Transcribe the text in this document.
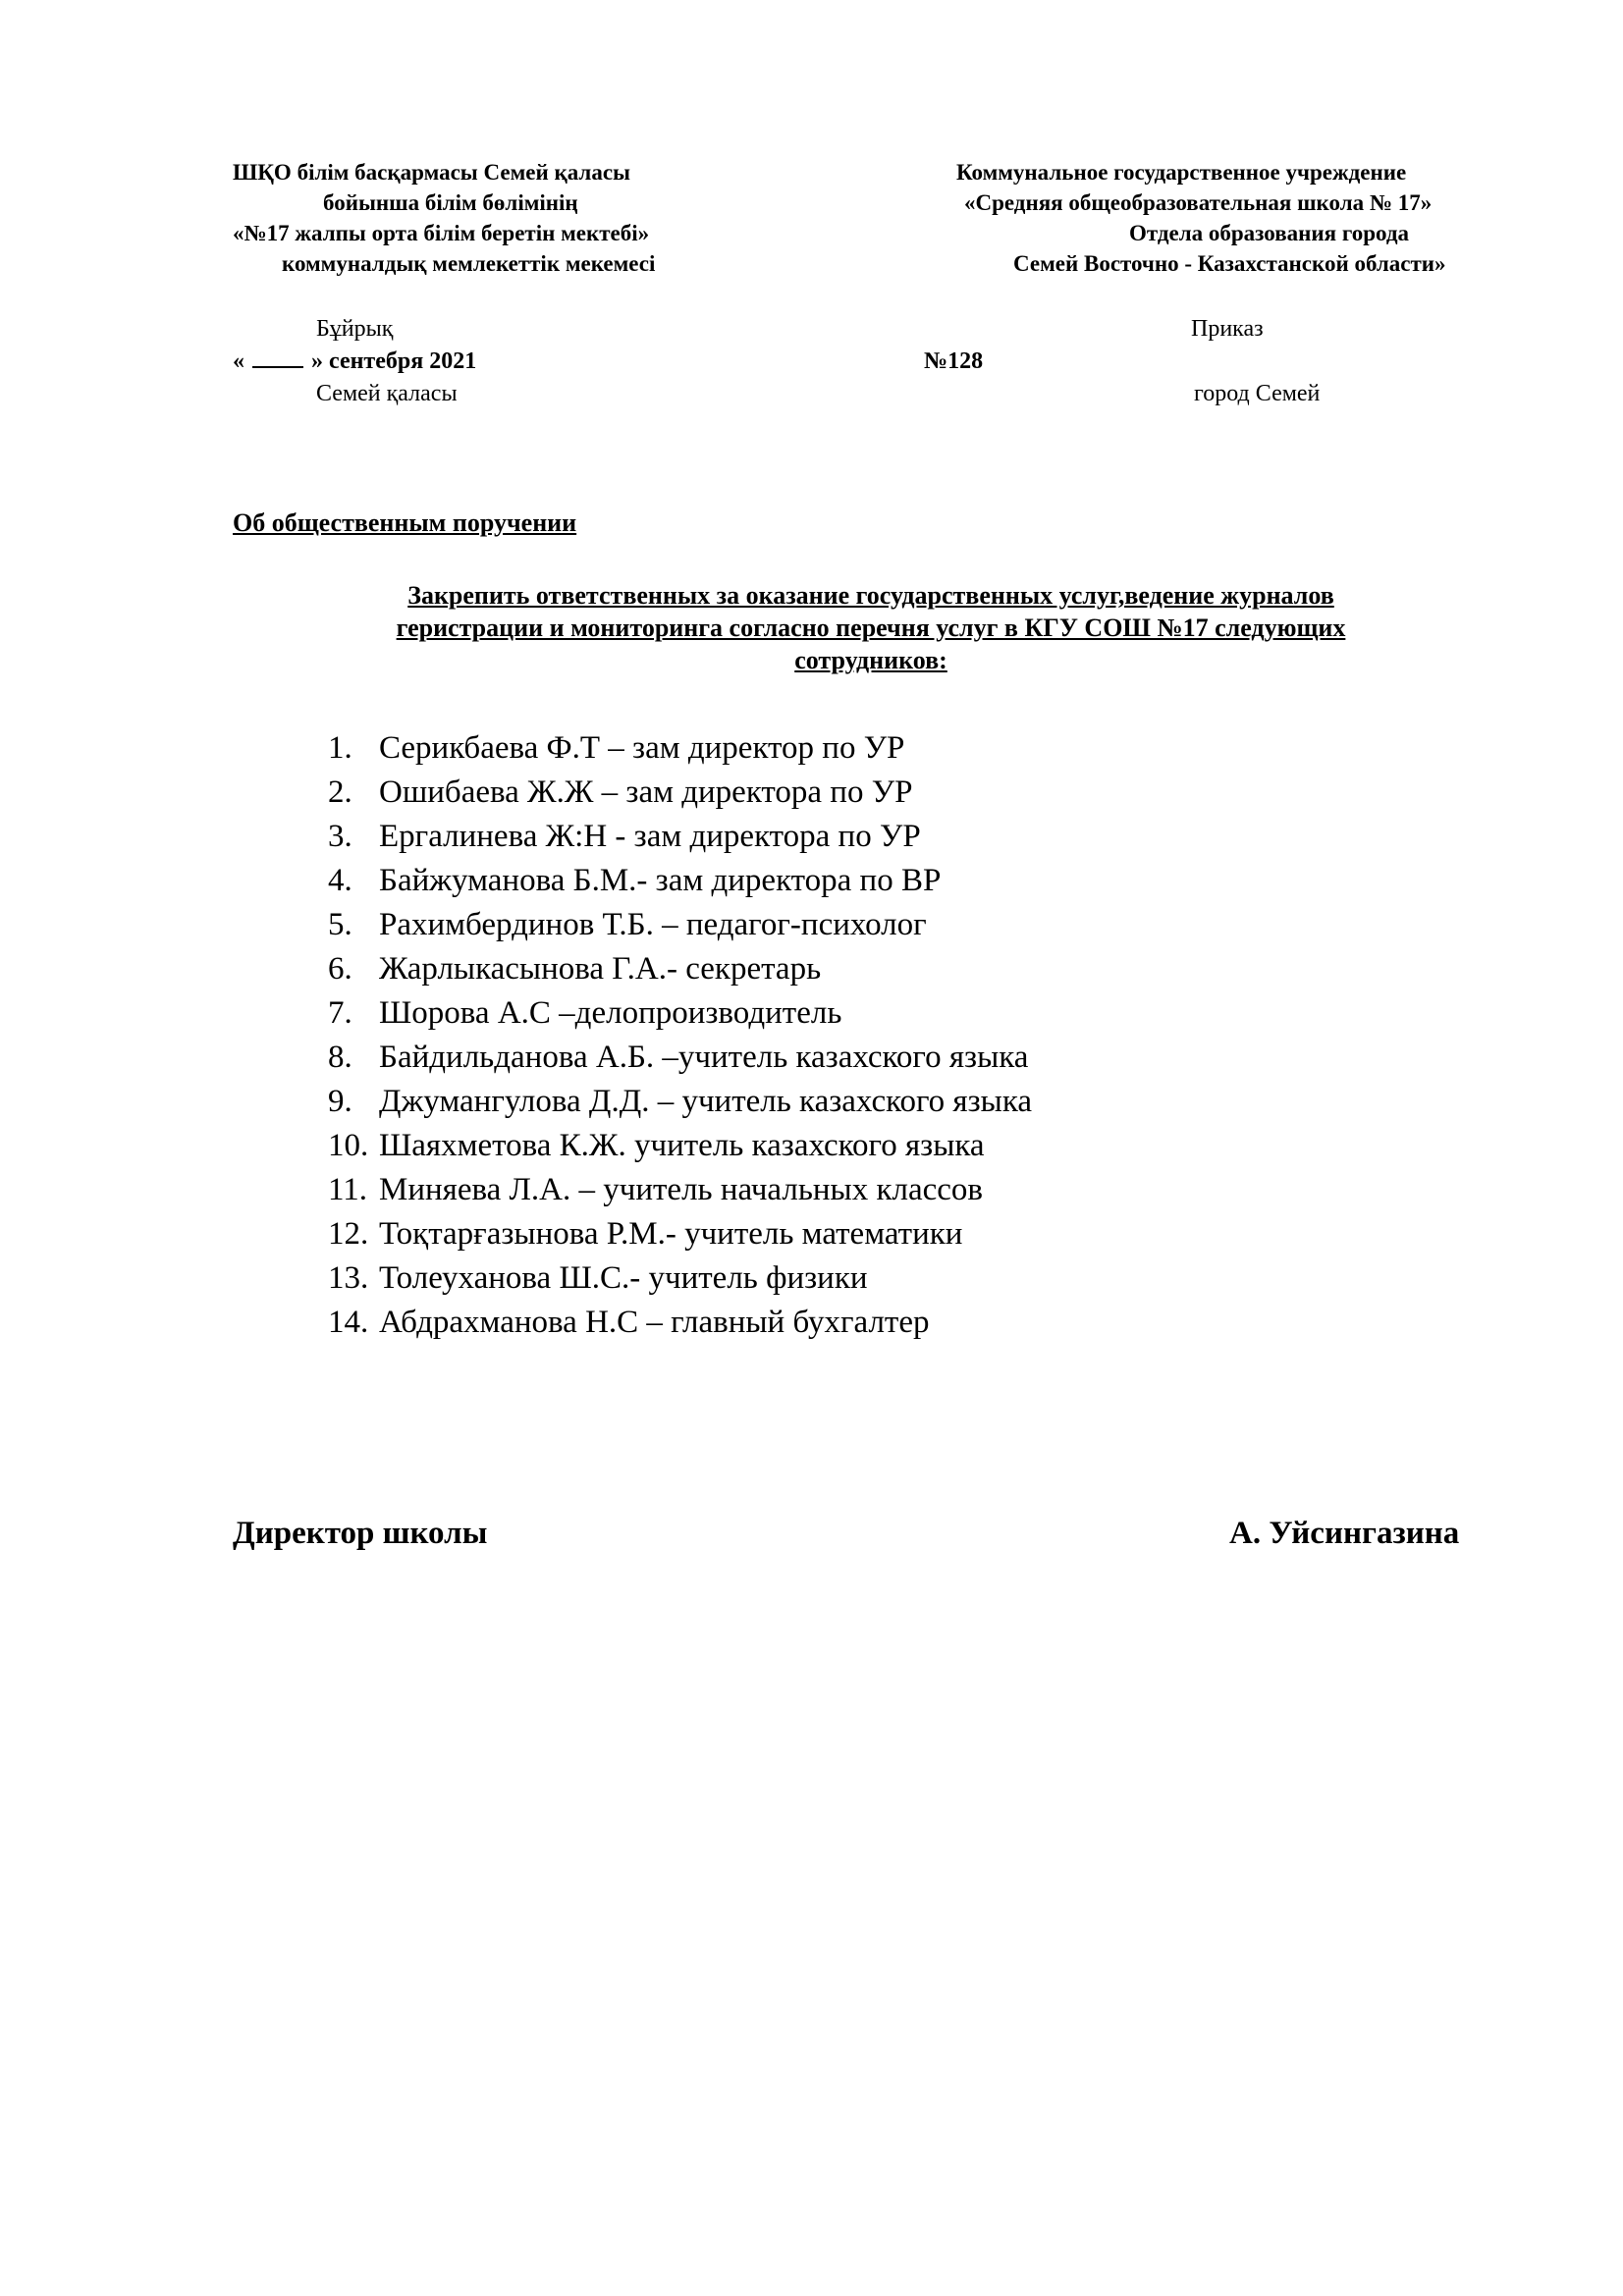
ШҚО білім басқармасы Семей қаласы
бойынша білім бөлімінің
«№17 жалпы орта білім беретін мектебі»
коммуналдық мемлекеттік мекемесі
Коммунальное государственное учреждение
«Средняя общеобразовательная школа № 17»
Отдела образования города
Семей Восточно - Казахстанской области»
Бұйрық	Приказ
«	» сентебря 2021	№128
Семей қаласы	город Семей
Об общественным поручении
Закрепить ответственных за оказание государственных услуг,ведение журналов
геристрации и мониторинга согласно перечня услуг в КГУ СОШ №17 следующих
сотрудников:
1. Серикбаева Ф.Т – зам директор по УР
2. Ошибаева Ж.Ж – зам директора по УР
3. Ергалинева Ж:Н - зам директора по УР
4. Байжуманова Б.М.- зам директора по ВР
5. Рахимбердинов Т.Б. – педагог-психолог
6. Жарлыкасынова Г.А.- секретарь
7. Шорова А.С –делопроизводитель
8. Байдильданова А.Б. –учитель казахского языка
9. Джумангулова Д.Д. – учитель казахского языка
10. Шаяхметова К.Ж. учитель казахского языка
11. Миняева Л.А. – учитель начальных классов
12. Тоқтарғазынова Р.М.- учитель математики
13. Толеуханова Ш.С.- учитель физики
14. Абдрахманова Н.С – главный бухгалтер
Директор школы	А. Уйсингазина
